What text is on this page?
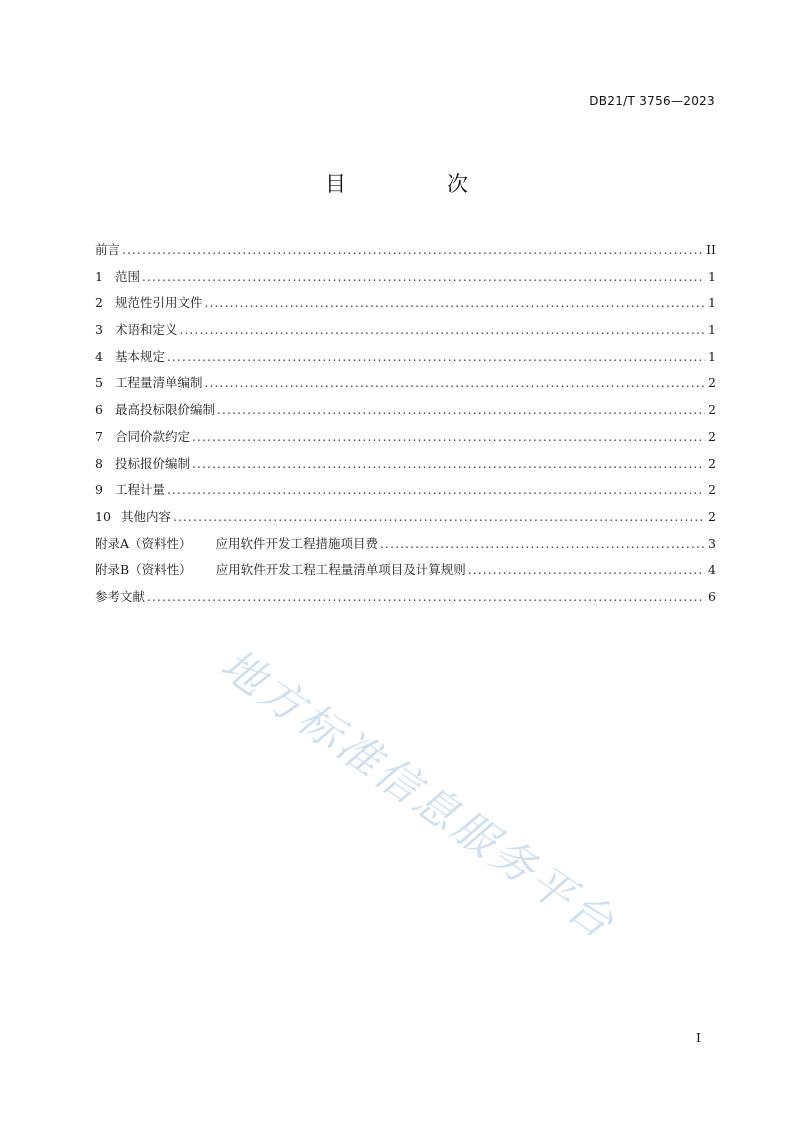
DB21/T 3756—2023
目　次
前言 .....	II
1 范围 .....	1
2 规范性引用文件 .....	1
3 术语和定义 .....	1
4 基本规定 .....	1
5 工程量清单编制 .....	2
6 最高投标限价编制 .....	2
7 合同价款约定 .....	2
8 投标报价编制 .....	2
9 工程计量 .....	2
10 其他内容 .....	2
附录A（资料性） 应用软件开发工程措施项目费 .....	3
附录B（资料性） 应用软件开发工程工程量清单项目及计算规则 .....	4
参考文献 .....	6
地方标准信息服务平台
I
